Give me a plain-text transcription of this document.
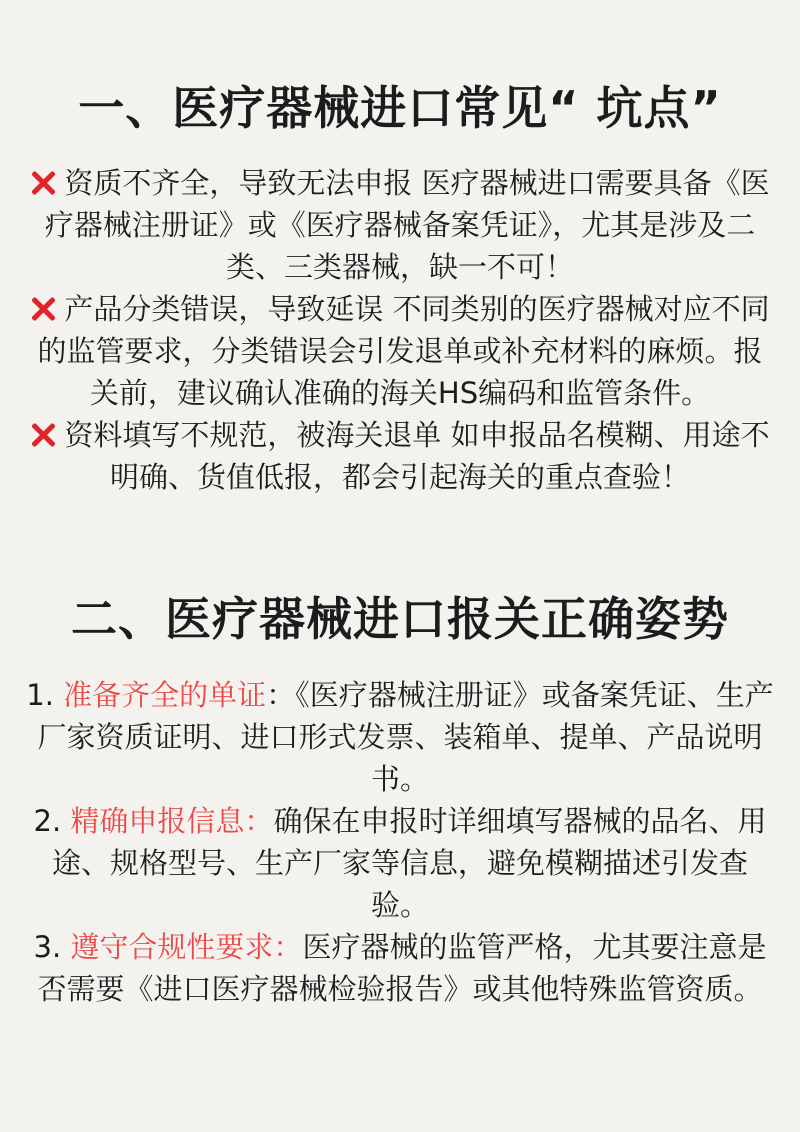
一、医疗器械进口常见“ 坑点”

资质不齐全，导致无法申报 医疗器械进口需要具备《医疗器械注册证》或《医疗器械备案凭证》，尤其是涉及二类、三类器械，缺一不可！

产品分类错误，导致延误 不同类别的医疗器械对应不同的监管要求，分类错误会引发退单或补充材料的麻烦。报关前，建议确认准确的海关HS编码和监管条件。

资料填写不规范，被海关退单 如申报品名模糊、用途不明确、货值低报，都会引起海关的重点查验！

二、医疗器械进口报关正确姿势

1. 准备齐全的单证：《医疗器械注册证》或备案凭证、生产厂家资质证明、进口形式发票、装箱单、提单、产品说明书。

2. 精确申报信息：确保在申报时详细填写器械的品名、用途、规格型号、生产厂家等信息，避免模糊描述引发查验。

3. 遵守合规性要求：医疗器械的监管严格，尤其要注意是否需要《进口医疗器械检验报告》或其他特殊监管资质。
